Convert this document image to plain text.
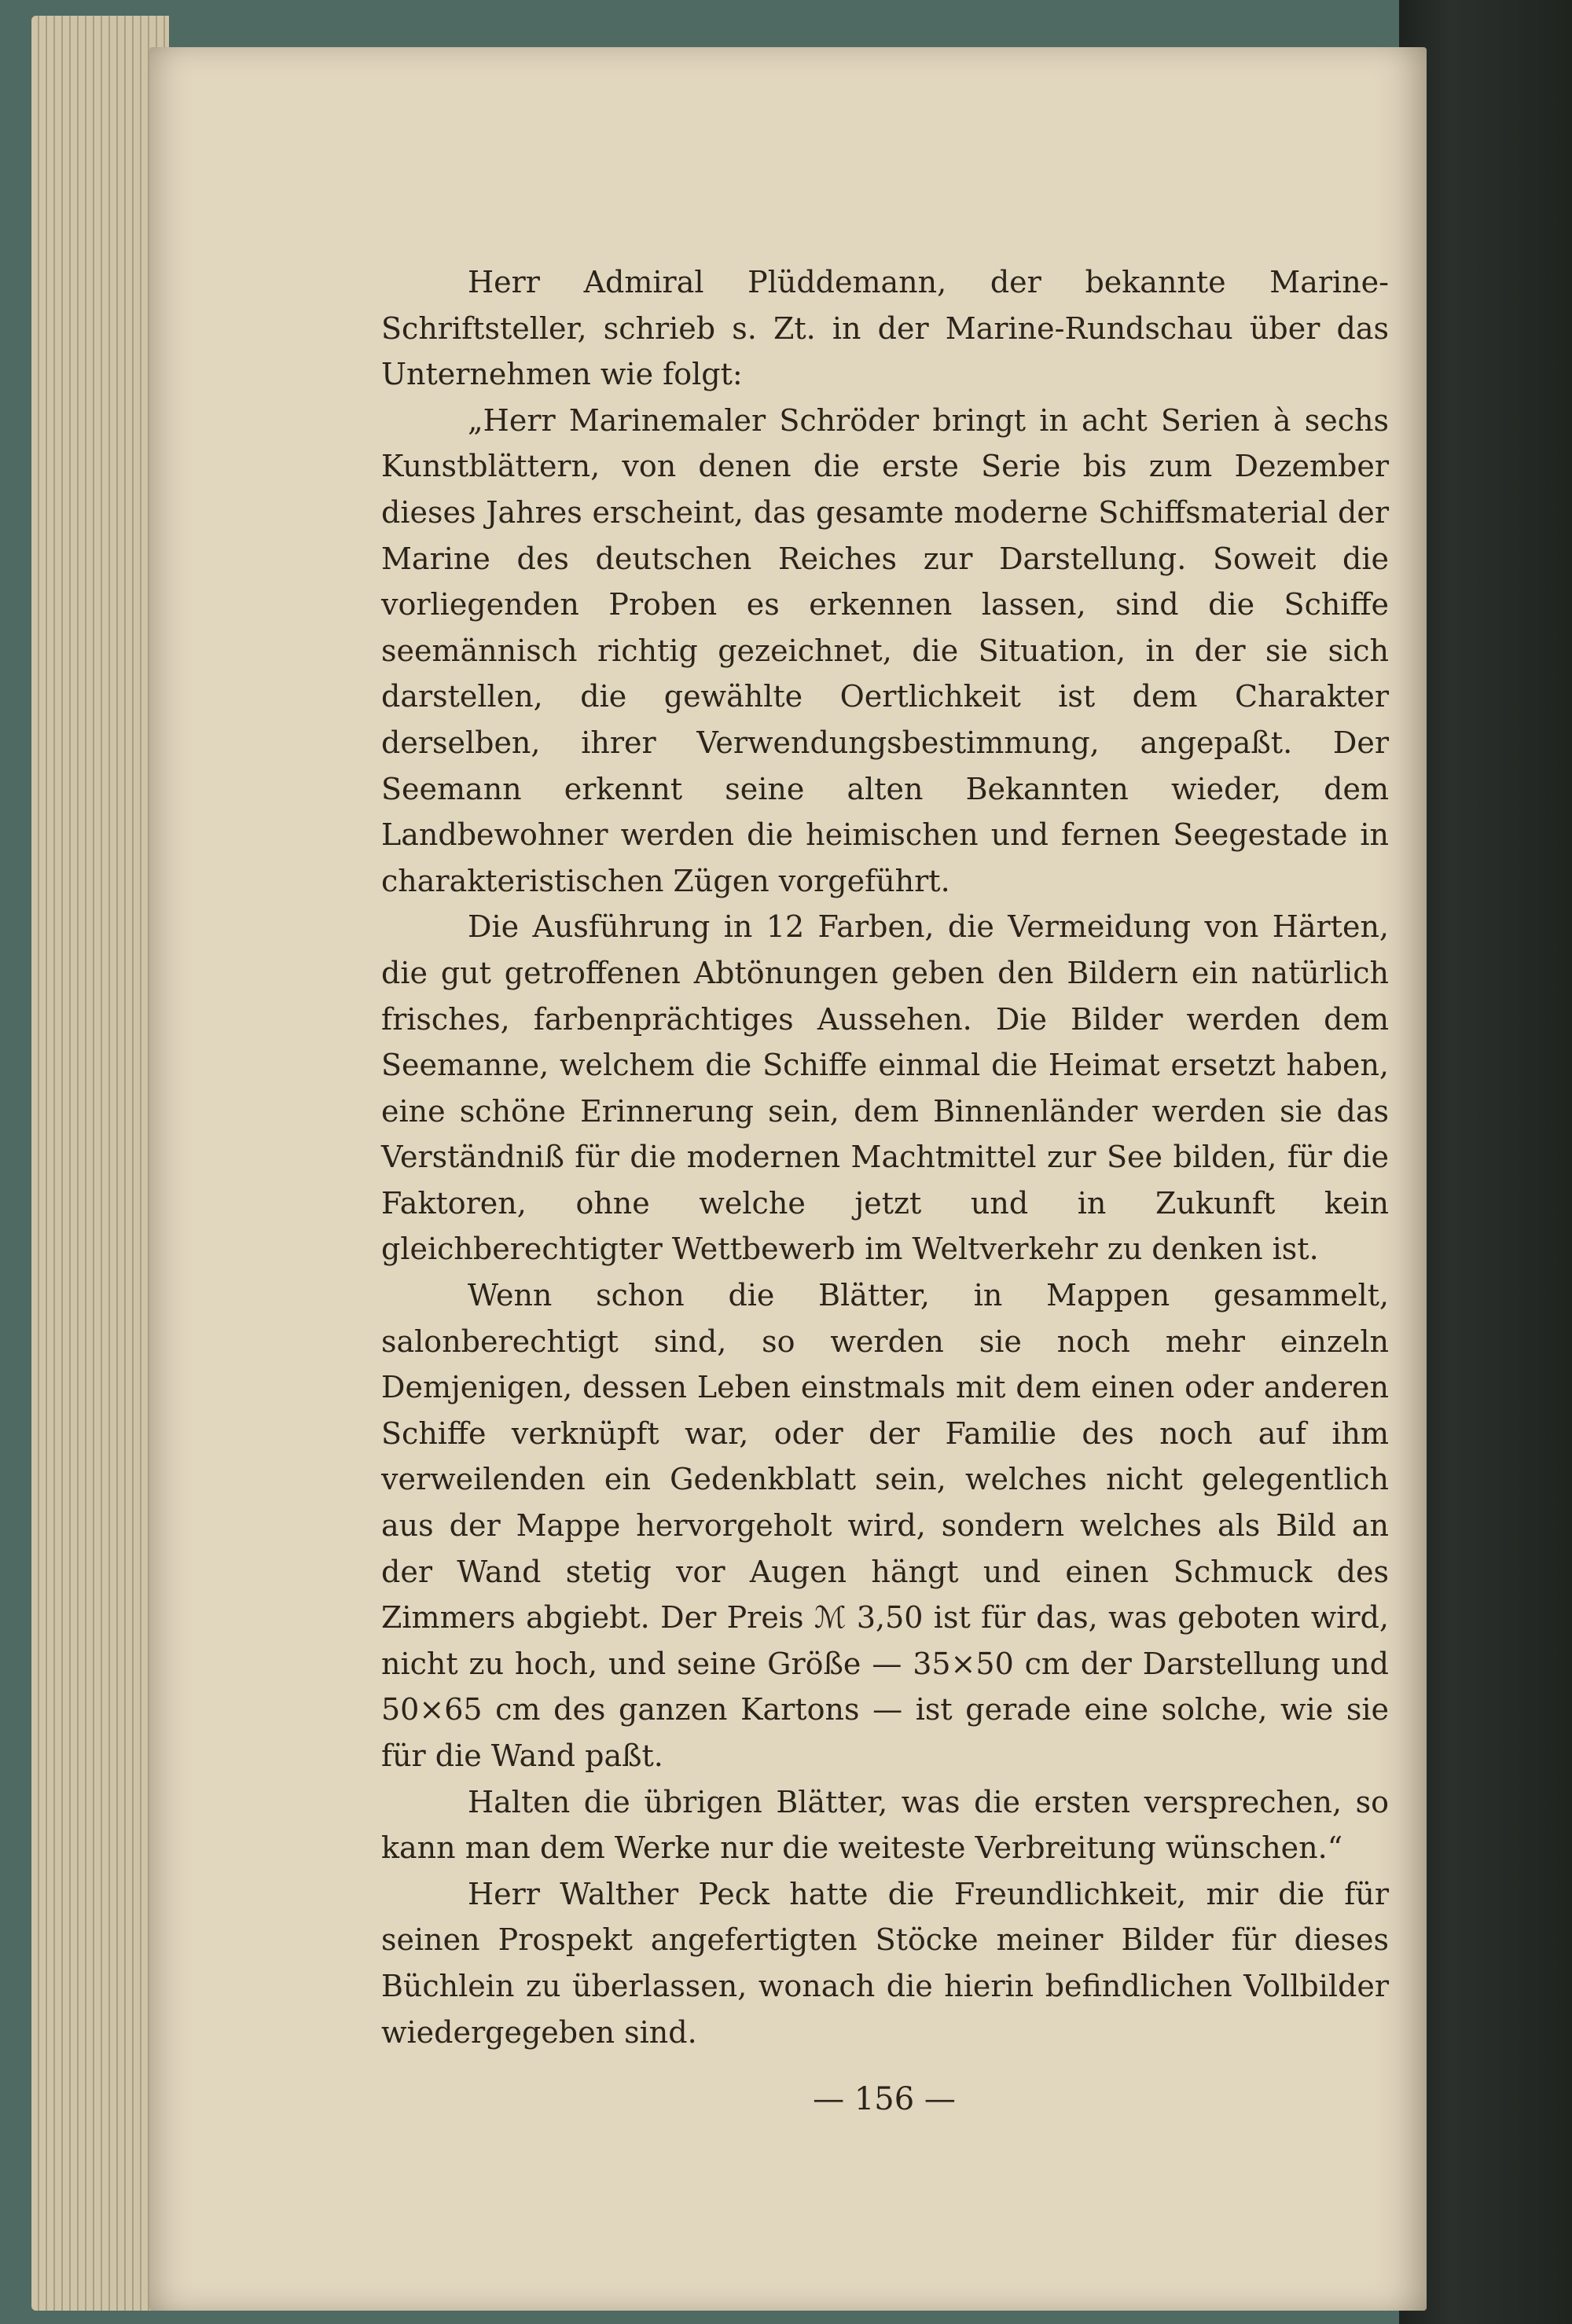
Herr Admiral Plüddemann, der bekannte Marine-Schriftsteller, schrieb s. Zt. in der Marine-Rundschau über das Unternehmen wie folgt:

„Herr Marinemaler Schröder bringt in acht Serien à sechs Kunstblättern, von denen die erste Serie bis zum Dezember dieses Jahres erscheint, das gesamte moderne Schiffsmaterial der Marine des deutschen Reiches zur Darstellung. Soweit die vorliegenden Proben es erkennen lassen, sind die Schiffe seemännisch richtig gezeichnet, die Situation, in der sie sich darstellen, die gewählte Oertlichkeit ist dem Charakter derselben, ihrer Verwendungsbestimmung, angepaßt. Der Seemann erkennt seine alten Bekannten wieder, dem Landbewohner werden die heimischen und fernen Seegestade in charakteristischen Zügen vorgeführt.

Die Ausführung in 12 Farben, die Vermeidung von Härten, die gut getroffenen Abtönungen geben den Bildern ein natürlich frisches, farbenprächtiges Aussehen. Die Bilder werden dem Seemanne, welchem die Schiffe einmal die Heimat ersetzt haben, eine schöne Erinnerung sein, dem Binnenländer werden sie das Verständniß für die modernen Machtmittel zur See bilden, für die Faktoren, ohne welche jetzt und in Zukunft kein gleichberechtigter Wettbewerb im Weltverkehr zu denken ist.

Wenn schon die Blätter, in Mappen gesammelt, salonberechtigt sind, so werden sie noch mehr einzeln Demjenigen, dessen Leben einstmals mit dem einen oder anderen Schiffe verknüpft war, oder der Familie des noch auf ihm verweilenden ein Gedenkblatt sein, welches nicht gelegentlich aus der Mappe hervorgeholt wird, sondern welches als Bild an der Wand stetig vor Augen hängt und einen Schmuck des Zimmers abgiebt. Der Preis ℳ 3,50 ist für das, was geboten wird, nicht zu hoch, und seine Größe — 35×50 cm der Darstellung und 50×65 cm des ganzen Kartons — ist gerade eine solche, wie sie für die Wand paßt.

Halten die übrigen Blätter, was die ersten versprechen, so kann man dem Werke nur die weiteste Verbreitung wünschen.“

Herr Walther Peck hatte die Freundlichkeit, mir die für seinen Prospekt angefertigten Stöcke meiner Bilder für dieses Büchlein zu überlassen, wonach die hierin befindlichen Vollbilder wiedergegeben sind.

— 156 —
